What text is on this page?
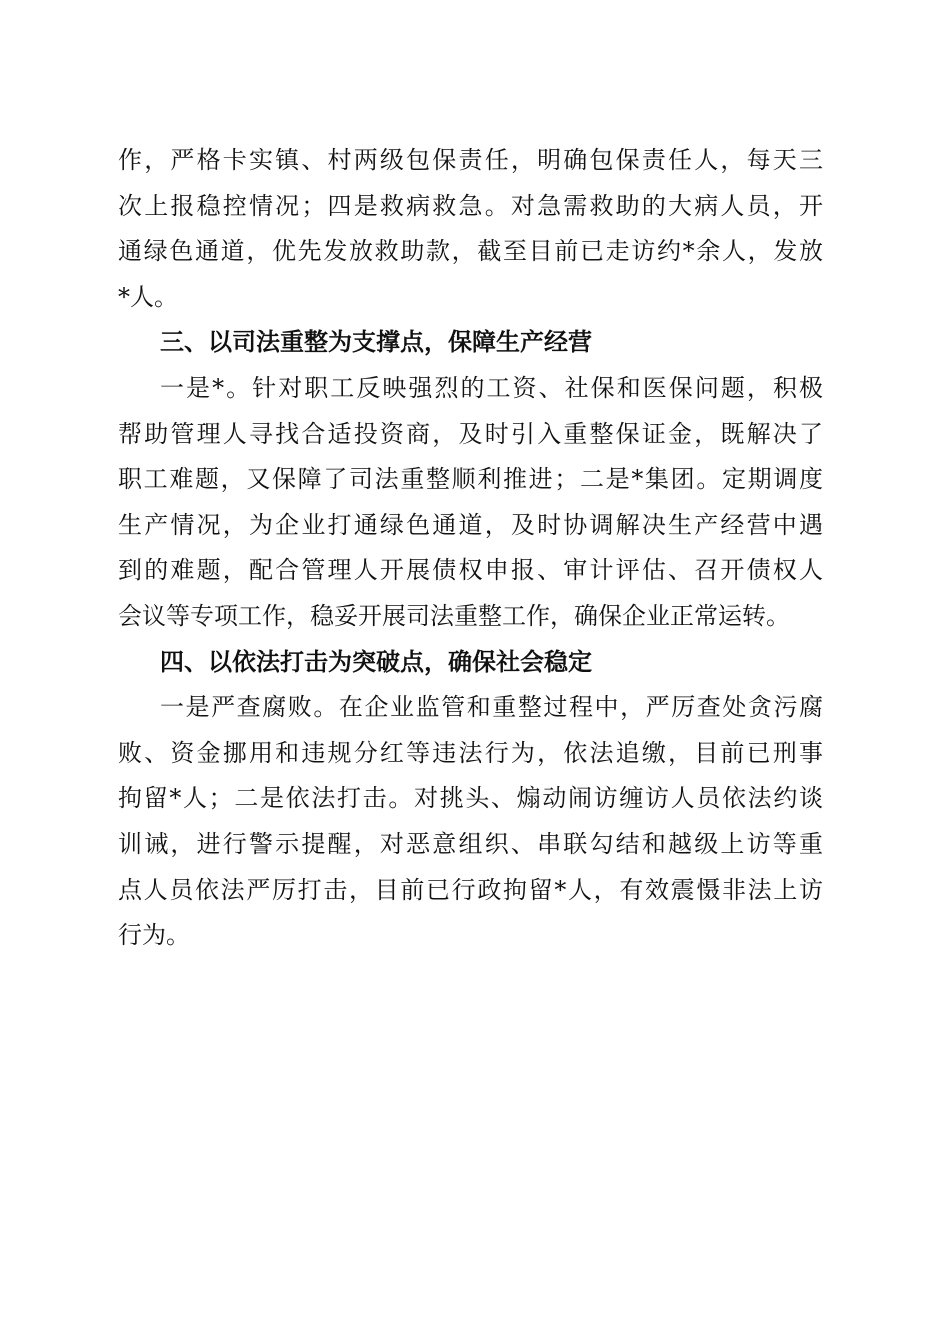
作，严格卡实镇、村两级包保责任，明确包保责任人，每天三
次上报稳控情况；四是救病救急。对急需救助的大病人员，开
通绿色通道，优先发放救助款，截至目前已走访约*余人，发放
*人。
三、以司法重整为支撑点，保障生产经营
一是*。针对职工反映强烈的工资、社保和医保问题，积极
帮助管理人寻找合适投资商，及时引入重整保证金，既解决了
职工难题，又保障了司法重整顺利推进；二是*集团。定期调度
生产情况，为企业打通绿色通道，及时协调解决生产经营中遇
到的难题，配合管理人开展债权申报、审计评估、召开债权人
会议等专项工作，稳妥开展司法重整工作，确保企业正常运转。
四、以依法打击为突破点，确保社会稳定
一是严查腐败。在企业监管和重整过程中，严厉查处贪污腐
败、资金挪用和违规分红等违法行为，依法追缴，目前已刑事
拘留*人；二是依法打击。对挑头、煽动闹访缠访人员依法约谈
训诫，进行警示提醒，对恶意组织、串联勾结和越级上访等重
点人员依法严厉打击，目前已行政拘留*人，有效震慑非法上访
行为。
